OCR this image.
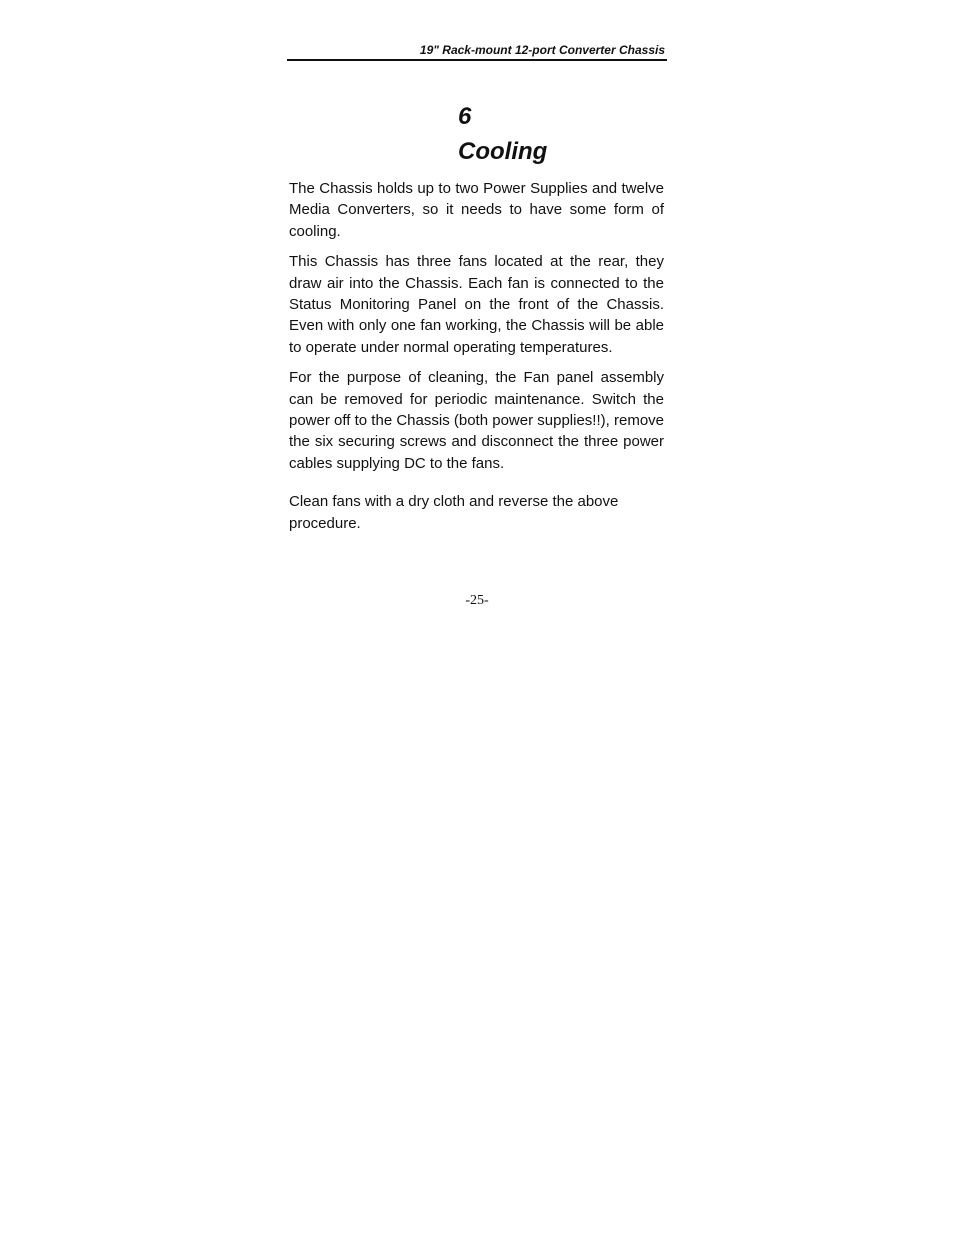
19" Rack-mount 12-port Converter Chassis
6
Cooling

The Chassis holds up to two Power Supplies and twelve Media Converters, so it needs to have some form of cooling.

This Chassis has three fans located at the rear, they draw air into the Chassis. Each fan is connected to the Status Monitoring Panel on the front of the Chassis. Even with only one fan working, the Chassis will be able to operate under normal operating temperatures.

For the purpose of cleaning, the Fan panel assembly can be removed for periodic maintenance. Switch the power off to the Chassis (both power supplies!!), remove the six securing screws and disconnect the three power cables supplying DC to the fans.

Clean fans with a dry cloth and reverse the above procedure.

-25-
